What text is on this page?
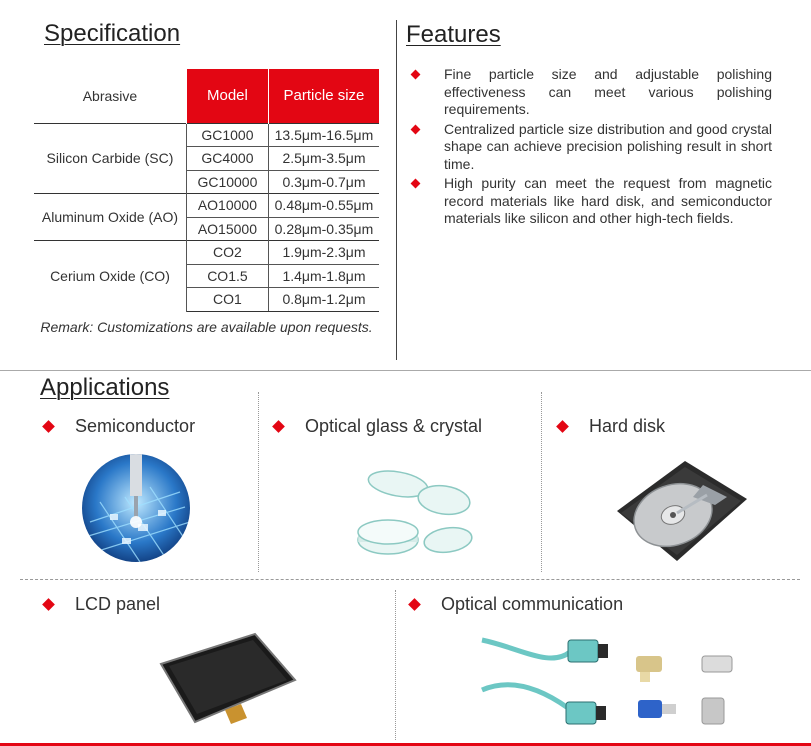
Specification
Abrasive	Model	Particle size
Silicon Carbide (SC)	GC1000	13.5μm-16.5μm
	GC4000	2.5μm-3.5μm
	GC10000	0.3μm-0.7μm
Aluminum Oxide (AO)	AO10000	0.48μm-0.55μm
	AO15000	0.28μm-0.35μm
Cerium Oxide (CO)	CO2	1.9μm-2.3μm
	CO1.5	1.4μm-1.8μm
	CO1	0.8μm-1.2μm
Remark: Customizations are available upon requests.
Features
Fine particle size and adjustable polishing effectiveness can meet various polishing requirements.
Centralized particle size distribution and good crystal shape can achieve precision polishing result in short time.
High purity can meet the request from magnetic record materials like hard disk, and semiconductor materials like silicon and other high-tech fields.
Applications
Semiconductor	Optical glass & crystal	Hard disk
LCD panel	Optical communication
